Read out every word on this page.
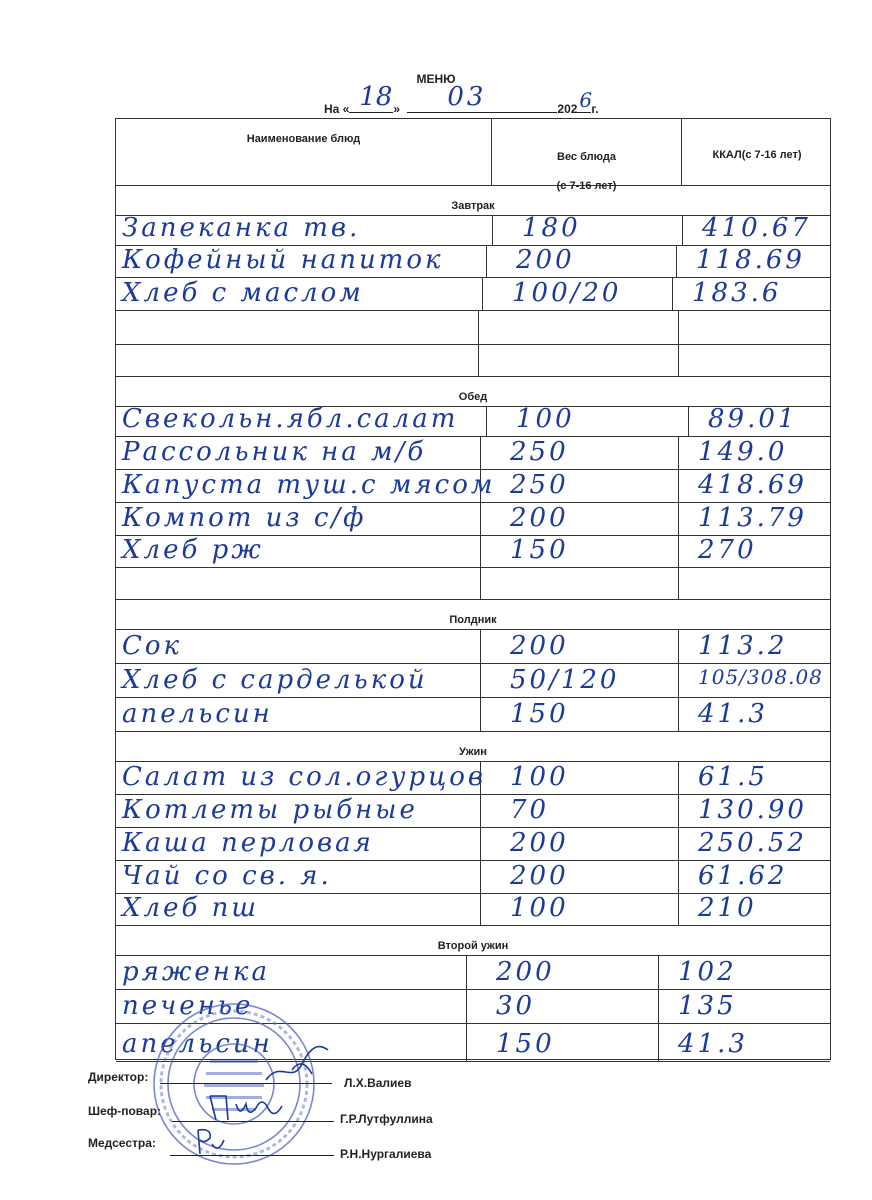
МЕНЮ
На « 18 » 03	202 6 г.
Наименование блюд
Вес блюда
(с 7-16 лет)
ККАЛ(с 7-16 лет)
Завтрак
Запеканка тв.	180	410.67
Кофейный напиток	200	118.69
Хлеб с маслом	100/20	183.6
Обед
Свекольн.ябл.салат 100	89.01
Рассольник на м/б	250	149.0
Капуста туш.с мясом 250	418.69
Компот из с/ф	200	113.79
Хлеб рж	150	270
Полдник
Сок	200	113.2
Хлеб с сарделькой	50/120	105/308.08
апельсин	150	41.3
Ужин
Салат из сол.огурцов 100	61.5
Котлеты рыбные	70	130.90
Каша перловая	200	250.52
Чай со св. я.	200	61.62
Хлеб пш	100	210
Второй ужин
ряженка	200	102
печенье	30	135
апельсин	150	41.3
Директор:	Л.Х.Валиев
Шеф-повар:
Г.Р.Лутфуллина
Медсестра:
Р.Н.Нургалиева
